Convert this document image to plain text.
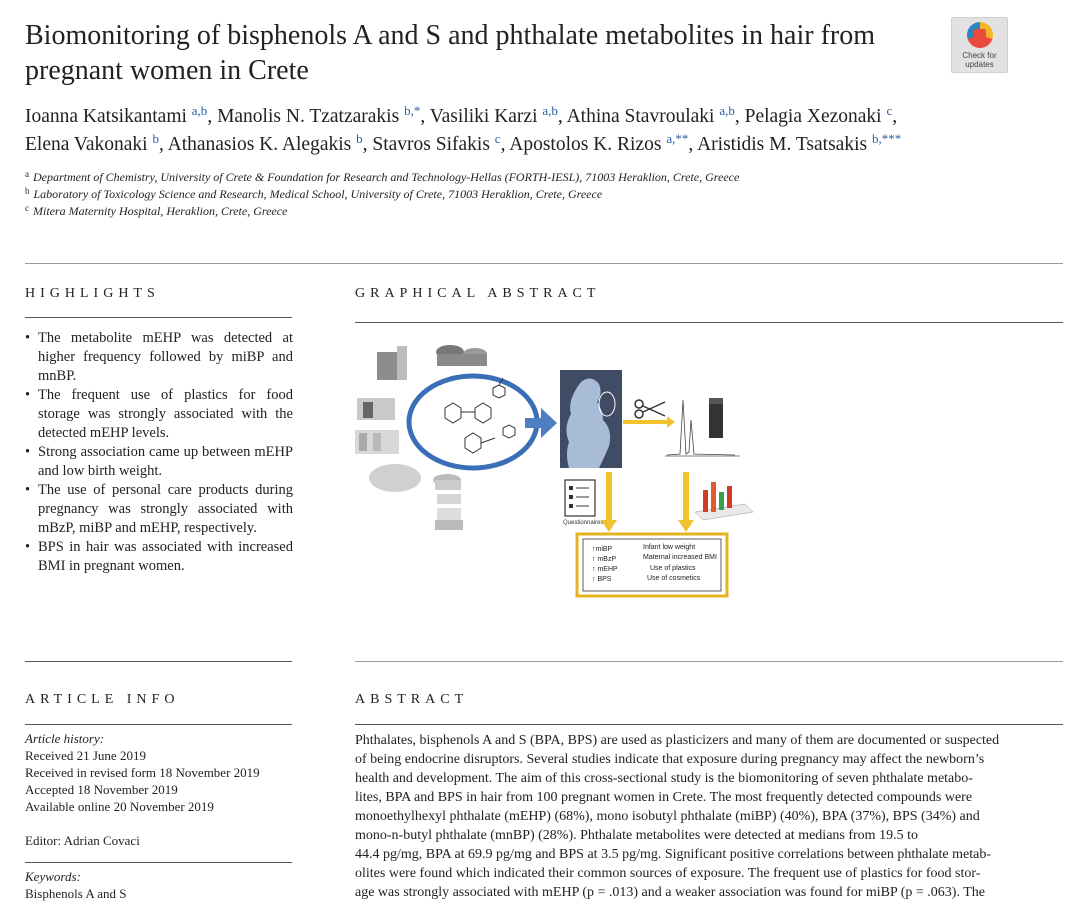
Biomonitoring of bisphenols A and S and phthalate metabolites in hair from pregnant women in Crete	Check for
updates
Ioanna Katsikantami $^{a,b}$, Manolis N. Tzatzarakis $^{b,*}$, Vasiliki Karzi $^{a,b}$, Athina Stavroulaki $^{a,b}$, Pelagia Xezonaki $^c$,
Elena Vakonaki $^b$, Athanasios K. Alegakis $^b$, Stavros Sifakis $^c$, Apostolos K. Rizos $^{a,**}$, Aristidis M. Tsatsakis $^{b,***}$
$^a$ Department of Chemistry, University of Crete & Foundation for Research and Technology-Hellas (FORTH-IESL), 71003 Heraklion, Crete, Greece
$^b$ Laboratory of Toxicology Science and Research, Medical School, University of Crete, 71003 Heraklion, Crete, Greece
$^c$ Mitera Maternity Hospital, Heraklion, Crete, Greece
HIGHLIGHTS	GRAPHICAL ABSTRACT
• The metabolite mEHP was detected at higher frequency followed by miBP and mnBP.
• The frequent use of plastics for food storage was strongly associated with the detected mEHP levels.
• Strong association came up between mEHP and low birth weight.
• The use of personal care products during pregnancy was strongly associated with mBzP, miBP and mEHP, respectively.
• BPS in hair was associated with increased BMI in pregnant women.
Questionnaires
↑miBP
↑ mBzP
↑ mEHP
↑ BPS
Infant low weight
Maternal increased BMI
Use of plastics
Use of cosmetics
ARTICLE INFO	ABSTRACT
Article history:
Received 21 June 2019
Received in revised form 18 November 2019
Accepted 18 November 2019
Available online 20 November 2019
Editor: Adrian Covaci
Keywords:
Bisphenols A and S
Phthalates, bisphenols A and S (BPA, BPS) are used as plasticizers and many of them are documented or suspected
of being endocrine disruptors. Several studies indicate that exposure during pregnancy may affect the newborn’s
health and development. The aim of this cross-sectional study is the biomonitoring of seven phthalate metabo-
lites, BPA and BPS in hair from 100 pregnant women in Crete. The most frequently detected compounds were
monoethylhexyl phthalate (mEHP) (68%), mono isobutyl phthalate (miBP) (40%), BPA (37%), BPS (34%) and
mono-n-butyl phthalate (mnBP) (28%). Phthalate metabolites were detected at medians from 19.5 to
44.4 pg/mg, BPA at 69.9 pg/mg and BPS at 3.5 pg/mg. Significant positive correlations between phthalate metab-
olites were found which indicated their common sources of exposure. The frequent use of plastics for food stor-
age was strongly associated with mEHP (p = .013) and a weaker association was found for miBP (p = .063). The
